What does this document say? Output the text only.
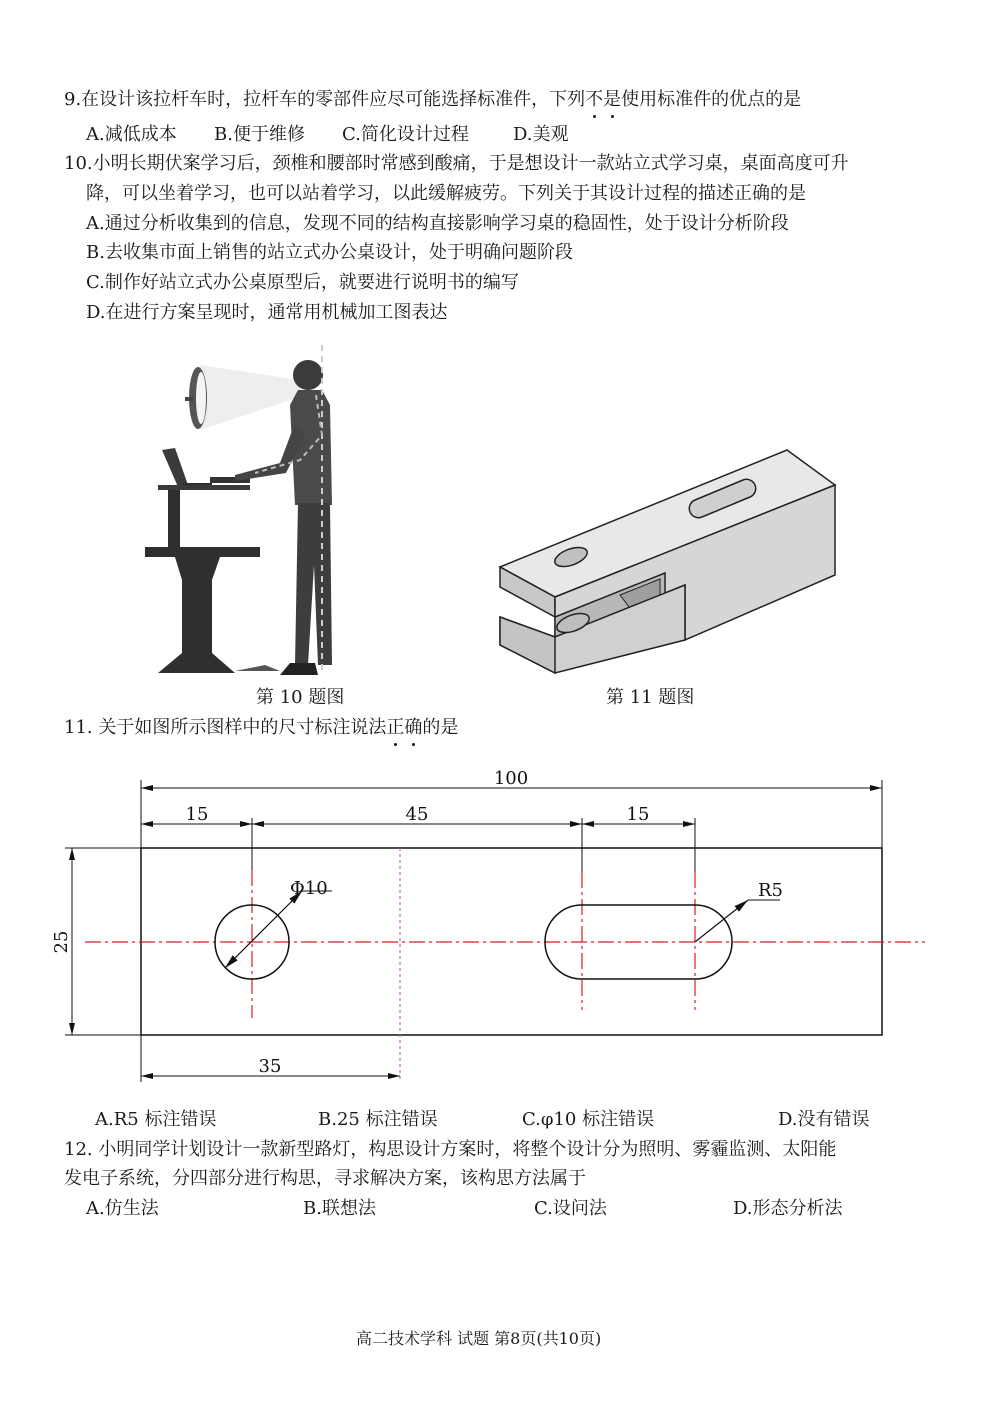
9.在设计该拉杆车时，拉杆车的零部件应尽可能选择标准件，下列不是使用标准件的优点的是
A.减低成本 B.便于维修 C.简化设计过程 D.美观
10.小明长期伏案学习后，颈椎和腰部时常感到酸痛，于是想设计一款站立式学习桌，桌面高度可升
降，可以坐着学习，也可以站着学习，以此缓解疲劳。下列关于其设计过程的描述正确的是
A.通过分析收集到的信息，发现不同的结构直接影响学习桌的稳固性，处于设计分析阶段
B.去收集市面上销售的站立式办公桌设计，处于明确问题阶段
C.制作好站立式办公桌原型后，就要进行说明书的编写
D.在进行方案呈现时，通常用机械加工图表达
第 10 题图	第 11 题图
11. 关于如图所示图样中的尺寸标注说法正确的是
100
15	45	15
25
35
Φ10	R5
A.R5 标注错误	B.25 标注错误	C.φ10 标注错误	D.没有错误
12. 小明同学计划设计一款新型路灯，构思设计方案时，将整个设计分为照明、雾霾监测、太阳能
发电子系统，分四部分进行构思，寻求解决方案，该构思方法属于
A.仿生法	B.联想法	C.设问法	D.形态分析法
高二技术学科 试题 第8页(共10页)
